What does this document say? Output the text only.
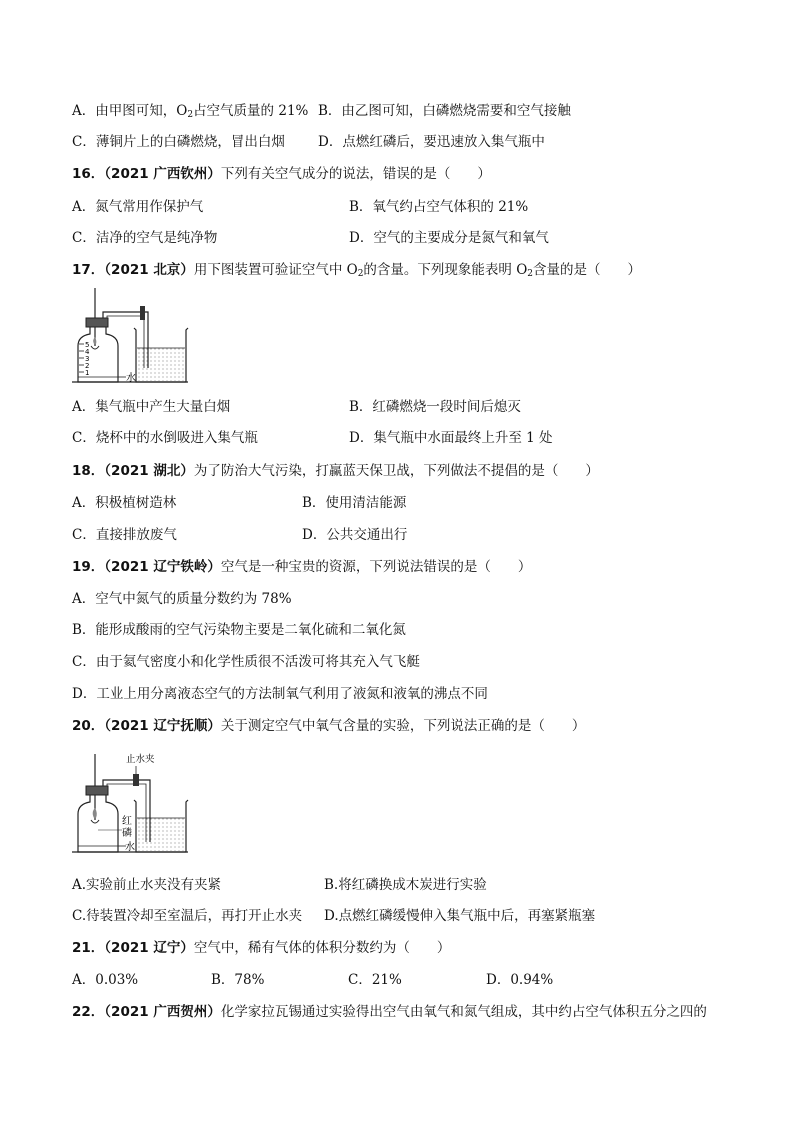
A．由甲图可知，$O_2$占空气质量的 21% B．由乙图可知，白磷燃烧需要和空气接触
C．薄铜片上的白磷燃烧，冒出白烟 D．点燃红磷后，要迅速放入集气瓶中
16．（2021 广西钦州）下列有关空气成分的说法，错误的是（　　）
A．氮气常用作保护气	B．氧气约占空气体积的 21%
C．洁净的空气是纯净物	D．空气的主要成分是氮气和氧气
17．（2021 北京）用下图装置可验证空气中 $O_2$的含量。下列现象能表明 $O_2$含量的是（　　）
5
4
3
2
1	水
A．集气瓶中产生大量白烟	B．红磷燃烧一段时间后熄灭
C．烧杯中的水倒吸进入集气瓶	D．集气瓶中水面最终上升至 1 处
18．（2021 湖北）为了防治大气污染，打赢蓝天保卫战，下列做法不提倡的是（　　）
A．积极植树造林	B．使用清洁能源
C．直接排放废气	D．公共交通出行
19．（2021 辽宁铁岭）空气是一种宝贵的资源，下列说法错误的是（　　）
A．空气中氮气的质量分数约为 78%
B．能形成酸雨的空气污染物主要是二氧化硫和二氧化氮
C．由于氦气密度小和化学性质很不活泼可将其充入气飞艇
D．工业上用分离液态空气的方法制氧气利用了液氮和液氧的沸点不同
20．（2021 辽宁抚顺）关于测定空气中氧气含量的实验，下列说法正确的是（　　）
止水夹
红
磷
水
A.实验前止水夹没有夹紧	B.将红磷换成木炭进行实验
C.待装置冷却至室温后，再打开止水夹 D.点燃红磷缓慢伸入集气瓶中后，再塞紧瓶塞
21．（2021 辽宁）空气中，稀有气体的体积分数约为（　　）
A．0.03%	B．78%	C．21%	D．0.94%
22．（2021 广西贺州）化学家拉瓦锡通过实验得出空气由氧气和氮气组成，其中约占空气体积五分之四的
